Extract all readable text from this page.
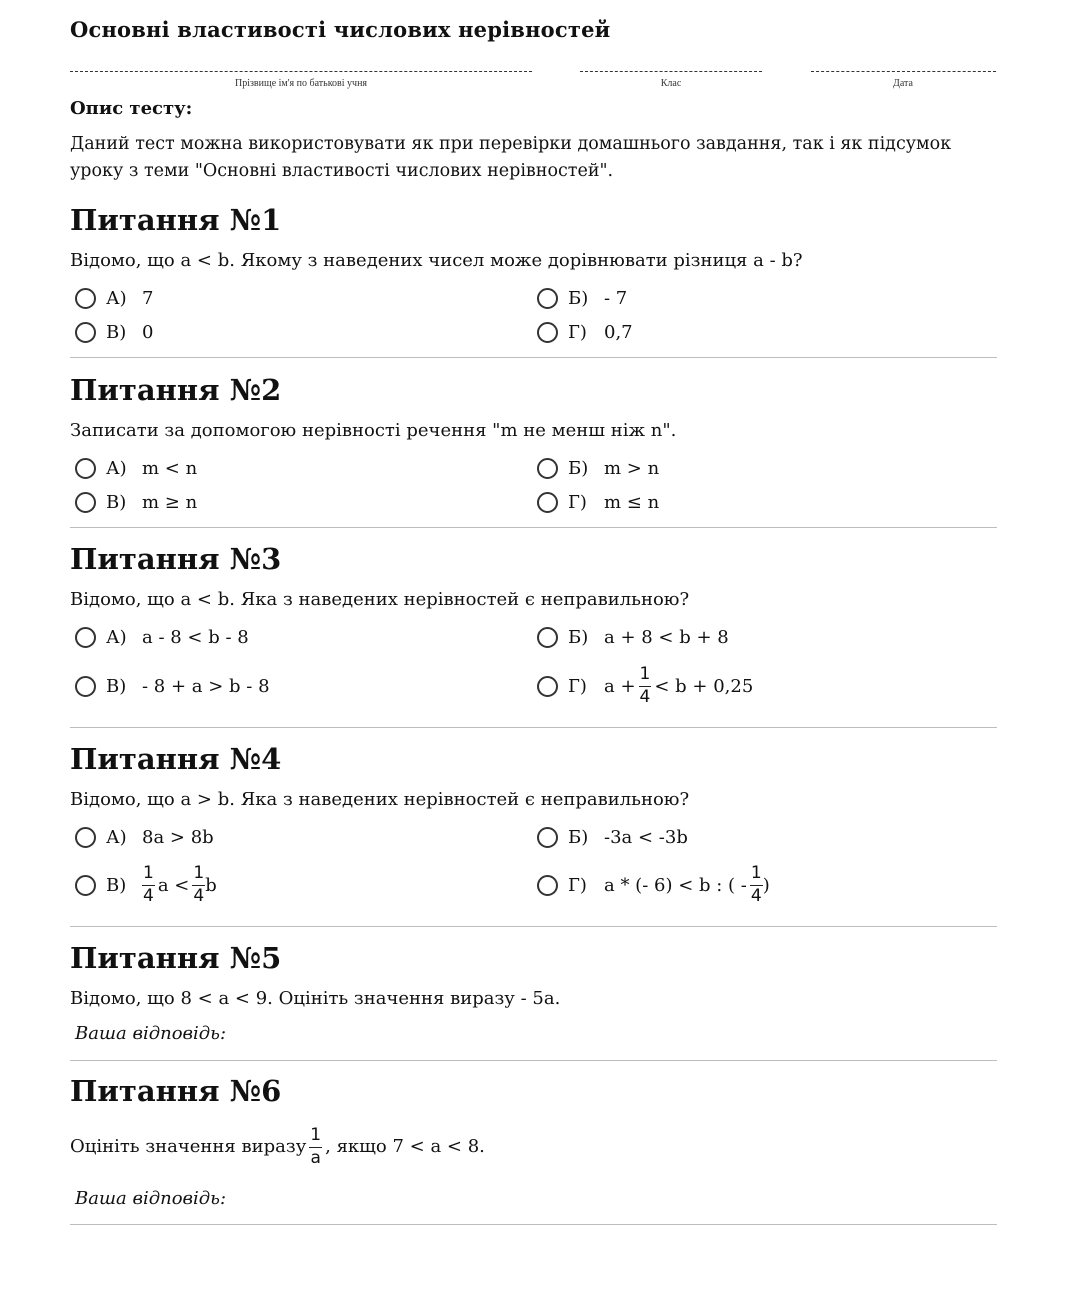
Основні властивості числових нерівностей
Прізвище ім'я по батькові учня	Клас	Дата
Опис тесту:
Даний тест можна використовувати як при перевірки домашнього завдання, так і як підсумок уроку з теми "Основні властивості числових нерівностей".
Питання №1
Відомо, що a < b. Якому з наведених чисел може дорівнювати різниця a - b?
А) 7	Б) - 7
В) 0	Г) 0,7
Питання №2
Записати за допомогою нерівності речення "m не менш ніж n".
А) m < n	Б) m > n
В) m ≥ n	Г) m ≤ n
Питання №3
Відомо, що a < b. Яка з наведених нерівностей є неправильною?
А) a - 8 < b - 8	Б) a + 8 < b + 8
В) - 8 + a > b - 8	Г) $a + \frac{1}{4} < b + 0,25$
Питання №4
Відомо, що a > b. Яка з наведених нерівностей є неправильною?
А) 8a > 8b	Б) -3a < -3b
$В) \frac{1}{4}$ $a < \frac{1}{4}$ b	Г) a * (- 6) < b : ( - $\frac{1}{4}$ )
Питання №5
Відомо, що 8 < a < 9. Оцініть значення виразу - 5a.
Ваша відповідь:
Питання №6
Оцініть значення виразу $\frac{1}{a}$ , якщо 7 < a < 8.
Ваша відповідь:
